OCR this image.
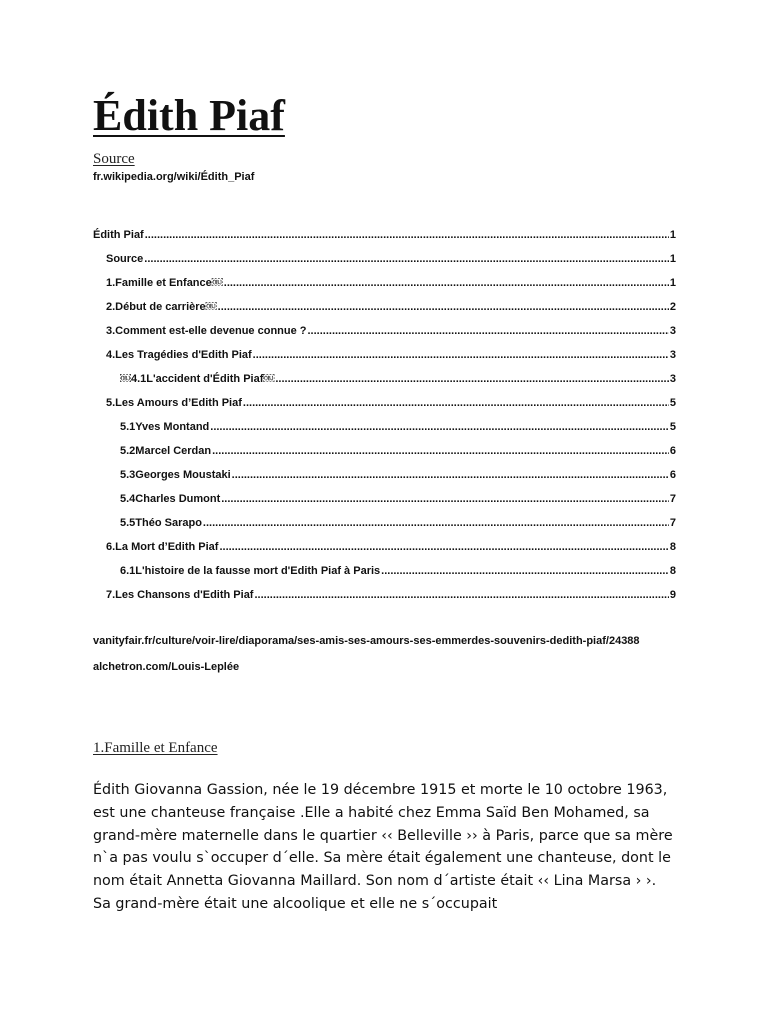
Édith Piaf
Source
fr.wikipedia.org/wiki/Édith_Piaf
Édith Piaf .....	1
Source .....	1
1.Famille et Enfance￼ .....	1
2.Début de carrière￼ .....	2
3.Comment est-elle devenue connue ? .....	3
4.Les Tragédies d'Edith Piaf .....	3
￼4.1L'accident d'Édith Piaf￼ .....	3
5.Les Amours d’Edith Piaf .....	5
5.1Yves Montand .....	5
5.2Marcel Cerdan .....	6
5.3Georges Moustaki .....	6
5.4Charles Dumont .....	7
5.5Théo Sarapo .....	7
6.La Mort d’Edith Piaf .....	8
6.1L'histoire de la fausse mort d'Edith Piaf à Paris .....	8
7.Les Chansons d'Edith Piaf .....	9

vanityfair.fr/culture/voir-lire/diaporama/ses-amis-ses-amours-ses-emmerdes-souvenirs-dedith-piaf/24388

alchetron.com/Louis-Leplée

1.Famille et Enfance

Édith Giovanna Gassion, née le 19 décembre 1915 et morte le 10 octobre 1963, est une chanteuse française .Elle a habité chez Emma Saïd Ben Mohamed, sa grand-mère maternelle dans le quartier ‹‹ Belleville ›› à Paris, parce que sa mère n`a pas voulu s`occuper d´elle. Sa mère était également une chanteuse, dont le nom était Annetta Giovanna Maillard. Son nom d´artiste était ‹‹ Lina Marsa › ›. Sa grand-mère était une alcoolique et elle ne s´occupait
